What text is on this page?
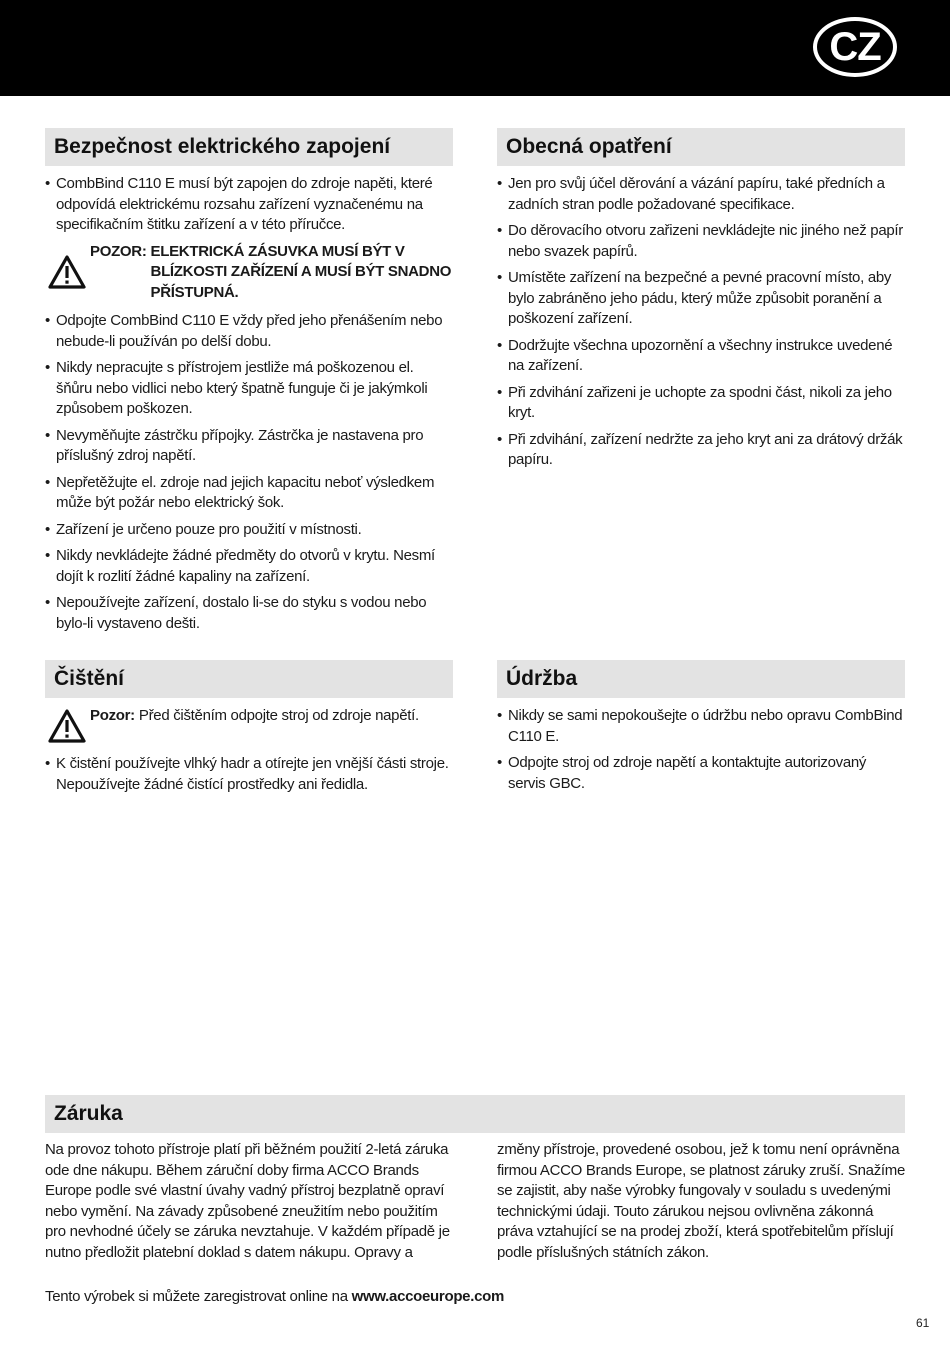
CZ
Bezpečnost elektrického zapojení
• CombBind C110 E musí být zapojen do zdroje napěti, které odpovídá elektrickému rozsahu zařízení vyznačenému na specifikačním štitku zařízení a v této příručce.
POZOR: ELEKTRICKÁ ZÁSUVKA MUSÍ BÝT V BLÍZKOSTI ZAŘÍZENÍ A MUSÍ BÝT SNADNO PŘÍSTUPNÁ.
• Odpojte CombBind C110 E vždy před jeho přenášením nebo nebude-li používán po delší dobu.
• Nikdy nepracujte s přístrojem jestliže má poškozenou el. šňůru nebo vidlici nebo který špatně funguje či je jakýmkoli způsobem poškozen.
• Nevyměňujte zástrčku přípojky. Zástrčka je nastavena pro příslušný zdroj napětí.
• Nepřetěžujte el. zdroje nad jejich kapacitu neboť výsledkem může být požár nebo elektrický šok.
• Zařízení je určeno pouze pro použití v místnosti.
• Nikdy nevkládejte žádné předměty do otvorů v krytu. Nesmí dojít k rozlití žádné kapaliny na zařízení.
• Nepoužívejte zařízení, dostalo li-se do styku s vodou nebo bylo-li vystaveno dešti.
Obecná opatření
• Jen pro svůj účel děrování a vázání papíru, také předních a zadních stran podle požadované specifikace.
• Do děrovacího otvoru zařizeni nevkládejte nic jiného než papír nebo svazek papírů.
• Umístěte zařízení na bezpečné a pevné pracovní místo, aby bylo zabráněno jeho pádu, který může způsobit poranění a poškození zařízení.
• Dodržujte všechna upozornění a všechny instrukce uvedené na zařízení.
• Při zdvihání zařizeni je uchopte za spodni část, nikoli za jeho kryt.
• Při zdvihání, zařízení nedržte za jeho kryt ani za drátový držák papíru.
Čištění
Pozor: Před čištěním odpojte stroj od zdroje napětí.
• K čistění používejte vlhký hadr a otírejte jen vnější části stroje. Nepoužívejte žádné čistící prostředky ani ředidla.
Údržba
• Nikdy se sami nepokoušejte o údržbu nebo opravu CombBind C110 E.
• Odpojte stroj od zdroje napětí a kontaktujte autorizovaný servis GBC.
Záruka

Na provoz tohoto přístroje platí při běžném použití 2-letá záruka ode dne nákupu. Během záruční doby firma ACCO Brands Europe podle své vlastní úvahy vadný přístroj bezplatně opraví nebo vymění. Na závady způsobené zneužitím nebo použitím pro nevhodné účely se záruka nevztahuje. V každém případě je nutno předložit platební doklad s datem nákupu. Opravy a

změny přístroje, provedené osobou, jež k tomu není oprávněna firmou ACCO Brands Europe, se platnost záruky zruší. Snažíme se zajistit, aby naše výrobky fungovaly v souladu s uvedenými technickými údaji. Touto zárukou nejsou ovlivněna zákonná práva vztahující se na prodej zboží, která spotřebitelům příslují podle příslušných státních zákon.

Tento výrobek si můžete zaregistrovat online na www.accoeurope.com

61
